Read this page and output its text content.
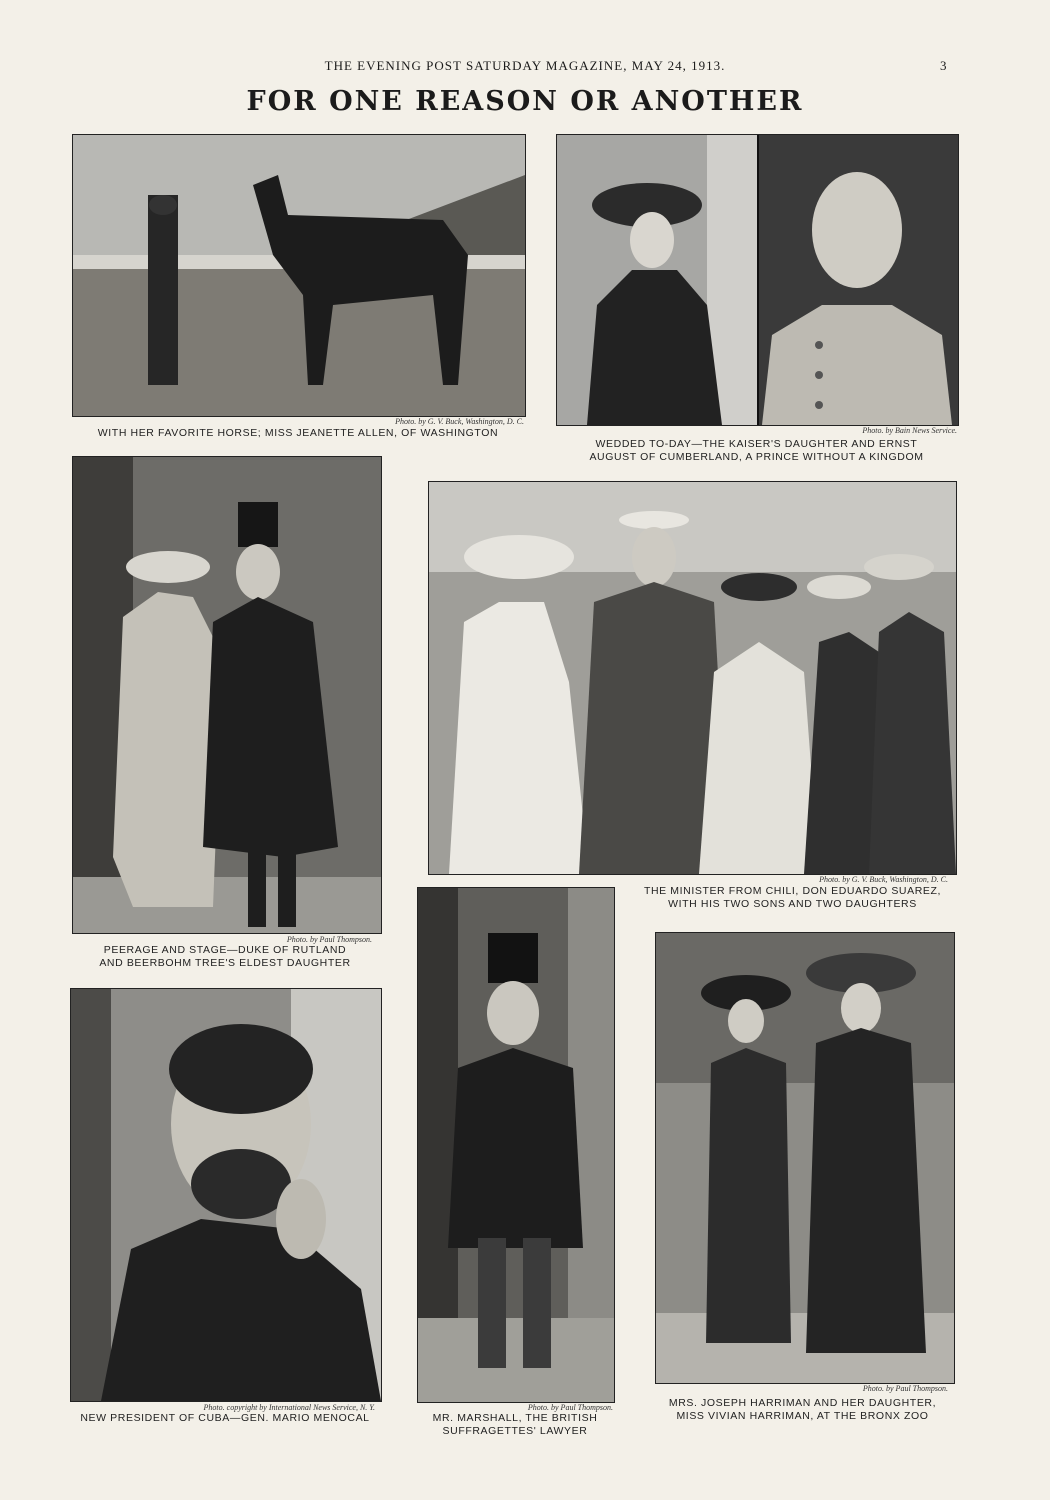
THE EVENING POST SATURDAY MAGAZINE, MAY 24, 1913.	3
FOR ONE REASON OR ANOTHER
Photo. by G. V. Buck, Washington, D. C.
WITH HER FAVORITE HORSE; MISS JEANETTE ALLEN, OF WASHINGTON	Photo. by Bain News Service.
WEDDED TO-DAY—THE KAISER'S DAUGHTER AND ERNST
AUGUST OF CUMBERLAND, A PRINCE WITHOUT A KINGDOM
Photo. by Paul Thompson.
PEERAGE AND STAGE—DUKE OF RUTLAND
AND BEERBOHM TREE'S ELDEST DAUGHTER
Photo. by G. V. Buck, Washington, D. C.
THE MINISTER FROM CHILI, DON EDUARDO SUAREZ,
WITH HIS TWO SONS AND TWO DAUGHTERS
Photo. copyright by International News Service, N. Y.
NEW PRESIDENT OF CUBA—GEN. MARIO MENOCAL
Photo. by Paul Thompson.
MR. MARSHALL, THE BRITISH
SUFFRAGETTES' LAWYER
Photo. by Paul Thompson.
MRS. JOSEPH HARRIMAN AND HER DAUGHTER,
MISS VIVIAN HARRIMAN, AT THE BRONX ZOO
